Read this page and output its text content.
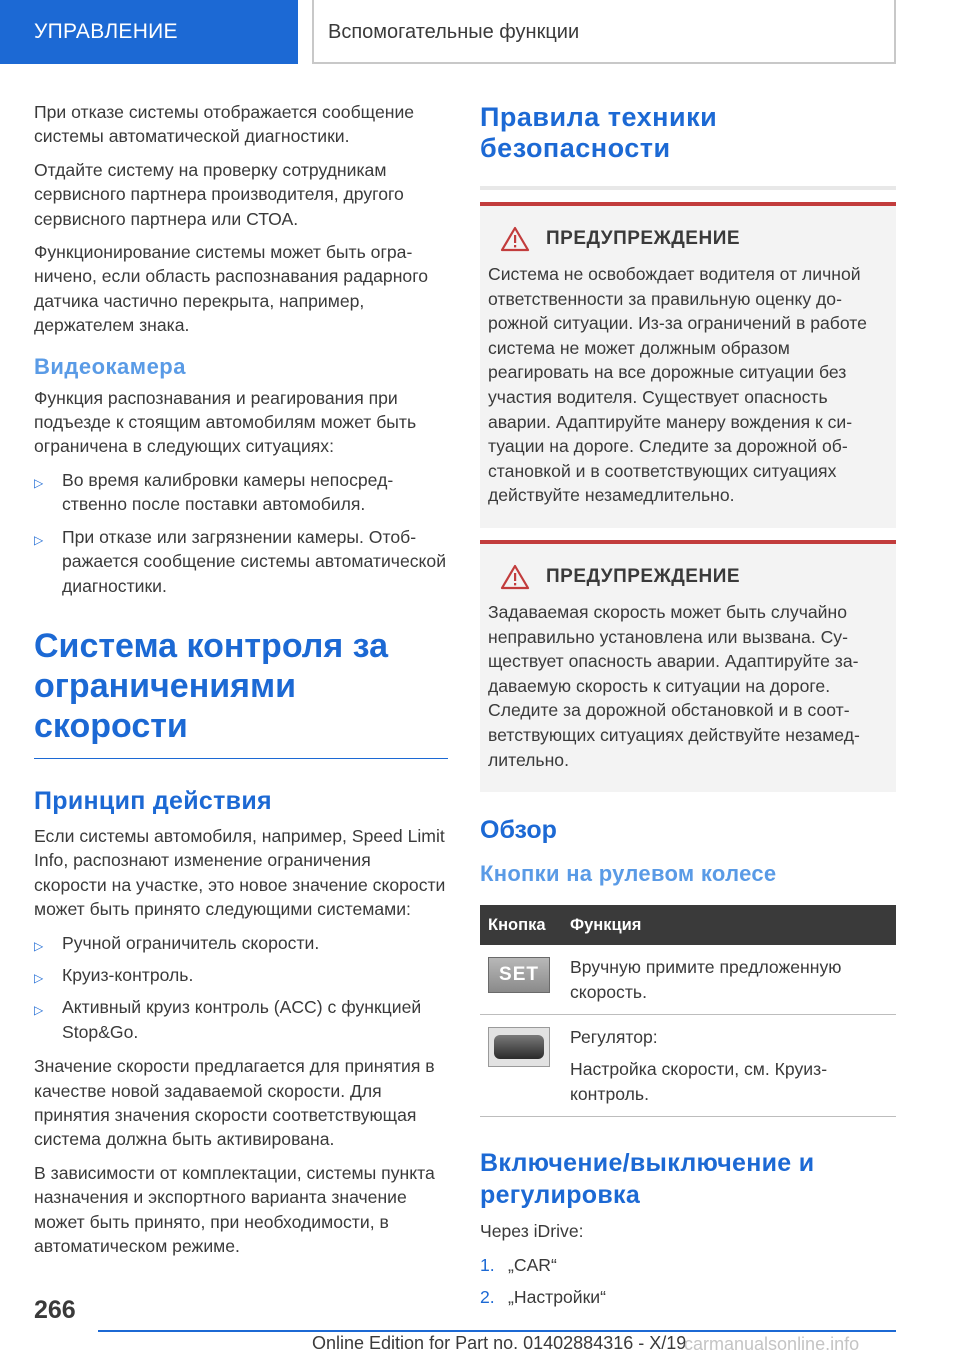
УПРАВЛЕНИЕ	Вспомогательные функции

При отказе системы отображается сообщение системы автоматической диагностики.

Отдайте систему на проверку сотрудникам сервисного партнера производителя, другого сервисного партнера или СТОА.

Функционирование системы может быть ограничено, если область распознавания радарного датчика частично перекрыта, например, держателем знака.

Видеокамера

Функция распознавания и реагирования при подъезде к стоящим автомобилям может быть ограничена в следующих ситуациях:

▷ Во время калибровки камеры непосредственно после поставки автомобиля.
▷ При отказе или загрязнении камеры. Отображается сообщение системы автоматической диагностики.
Система контроля за ограничениями скорости
Принцип действия

Если системы автомобиля, например, Speed Limit Info, распознают изменение ограничения скорости на участке, это новое значение скорости может быть принято следующими системами:

▷ Ручной ограничитель скорости.
▷ Круиз-контроль.
▷ Активный круиз контроль (ACC) с функцией Stop&Go.

Значение скорости предлагается для принятия в качестве новой задаваемой скорости. Для принятия значения скорости соответствующая система должна быть активирована.

В зависимости от комплектации, системы пункта назначения и экспортного варианта значение может быть принято, при необходимости, в автоматическом режиме.

Правила техники безопасности
ПРЕДУПРЕЖДЕНИЕ

Система не освобождает водителя от личной ответственности за правильную оценку дорожной ситуации. Из-за ограничений в работе система не может должным образом реагировать на все дорожные ситуации без участия водителя. Существует опасность аварии. Адаптируйте манеру вождения к ситуации на дороге. Следите за дорожной обстановкой и в соответствующих ситуациях действуйте незамедлительно.

ПРЕДУПРЕЖДЕНИЕ

Задаваемая скорость может быть случайно неправильно установлена или вызвана. Существует опасность аварии. Адаптируйте задаваемую скорость к ситуации на дороге. Следите за дорожной обстановкой и в соответствующих ситуациях действуйте незамедлительно.

Обзор
Кнопки на рулевом колесе
Кнопка	Функция

SET	Вручную примите предложенную скорость.

	Регулятор:

Настройка скорости, см. Круиз-контроль.

Включение/выключение и регулировка

Через iDrive:

1. „CAR“
2. „Настройки“
266
Online Edition for Part no. 01402884316 - X/19
carmanualsonline.info
